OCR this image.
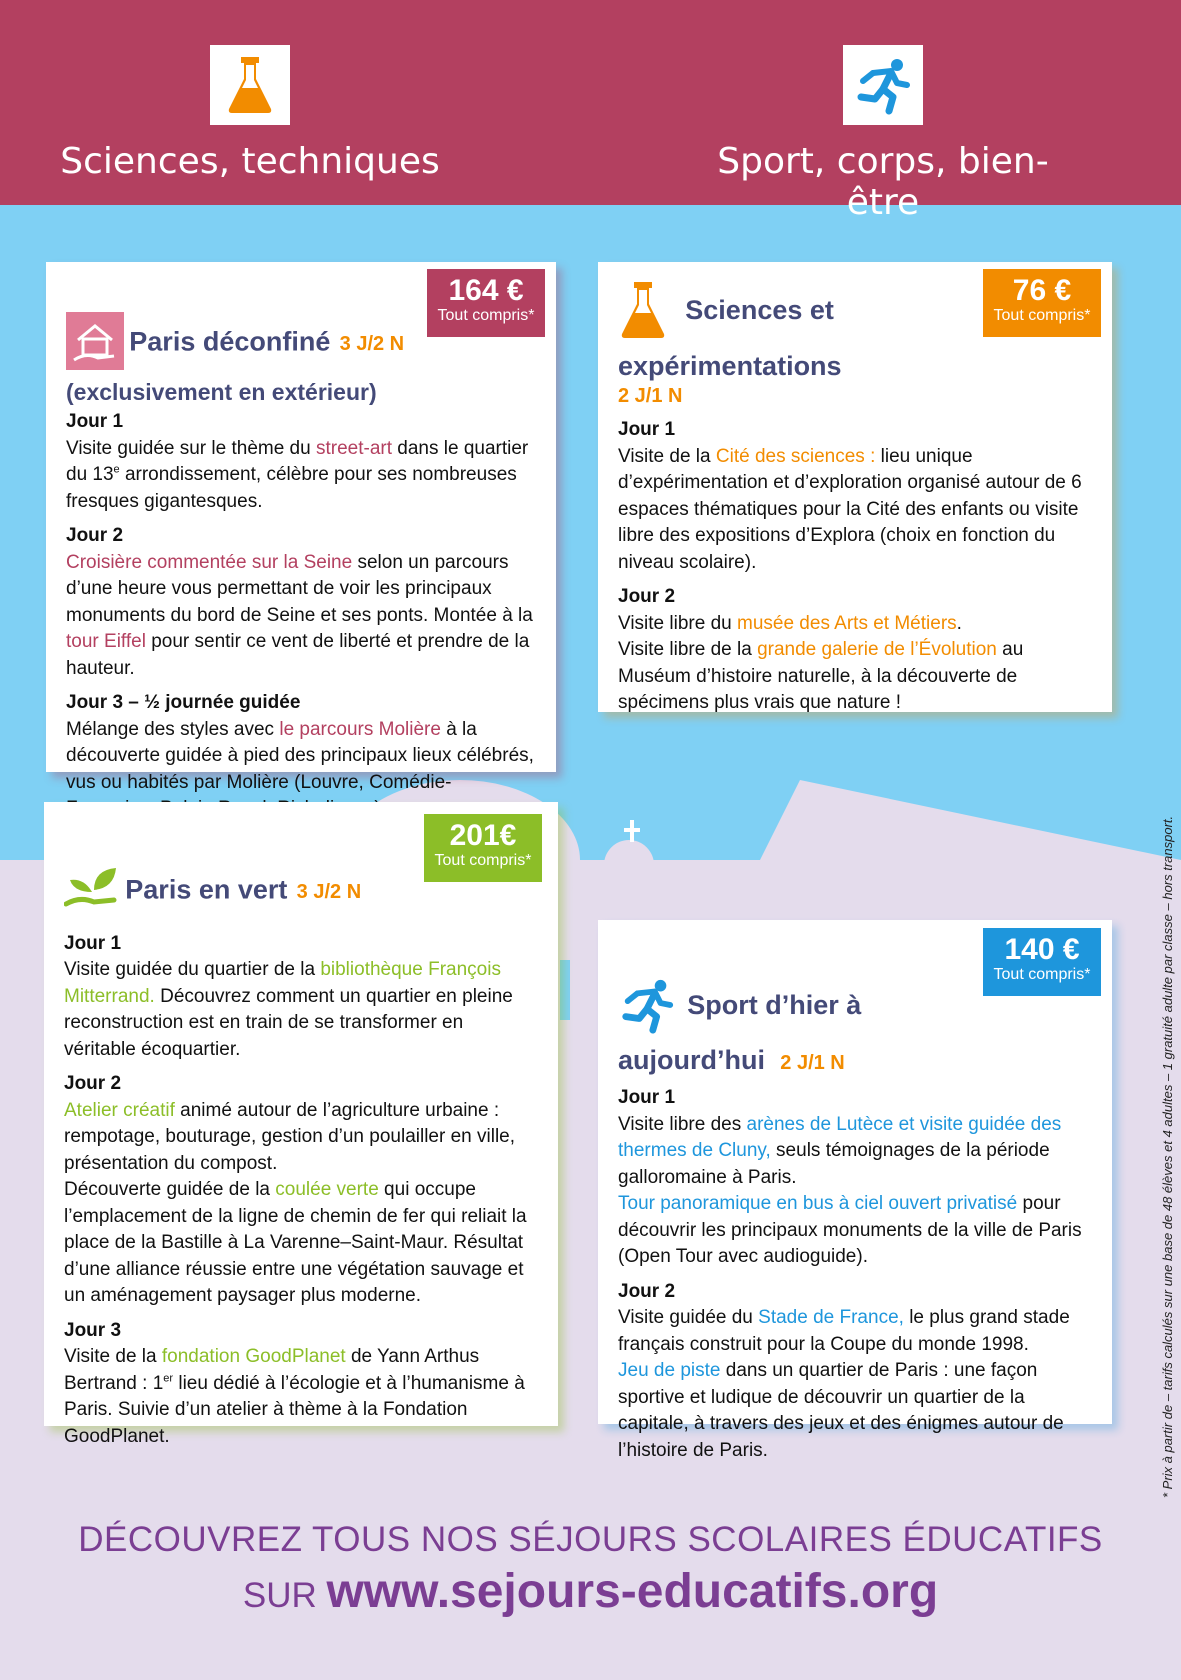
Sciences, techniques	Sport, corps, bien-être
164 €
Tout compris*
Paris déconfiné 3 J/2 N
(exclusivement en extérieur)
Jour 1
Visite guidée sur le thème du street-art dans le quartier du 13e arrondissement, célèbre pour ses nombreuses fresques gigantesques.
Jour 2
Croisière commentée sur la Seine selon un parcours d’une heure vous permettant de voir les principaux monuments du bord de Seine et ses ponts. Montée à la tour Eiffel pour sentir ce vent de liberté et prendre de la hauteur.
Jour 3 – ½ journée guidée
Mélange des styles avec le parcours Molière à la découverte guidée à pied des principaux lieux célébrés, vus ou habités par Molière (Louvre, Comédie-
76 €
Tout compris*
Sciences et
expérimentations
2 J/1 N
Jour 1
Visite de la Cité des sciences : lieu unique d’expérimentation et d’exploration organisé autour de 6 espaces thématiques pour la Cité des enfants ou visite libre des expositions d’Explora (choix en fonction du niveau scolaire).
Jour 2
Visite libre du musée des Arts et Métiers.
Visite libre de la grande galerie de l’Évolution au Muséum d’histoire naturelle, à la découverte de spécimens plus vrais que nature !
201€
Tout compris*
Paris en vert 3 J/2 N
Jour 1
Visite guidée du quartier de la bibliothèque François Mitterrand. Découvrez comment un quartier en pleine reconstruction est en train de se transformer en véritable écoquartier.
Jour 2
Atelier créatif animé autour de l’agriculture urbaine : rempotage, bouturage, gestion d’un poulailler en ville, présentation du compost.
Découverte guidée de la coulée verte qui occupe l’emplacement de la ligne de chemin de fer qui reliait la place de la Bastille à La Varenne–Saint-Maur. Résultat d’une alliance réussie entre une végétation sauvage et un aménagement paysager plus moderne.
Jour 3
Visite de la fondation GoodPlanet de Yann Arthus Bertrand : 1er lieu dédié à l’écologie et à l’humanisme à Paris. Suivie d’un atelier à thème à la Fondation GoodPlanet.
140 €
Tout compris*
Sport d’hier à
aujourd’hui 2 J/1 N
Jour 1
Visite libre des arènes de Lutèce et visite guidée des thermes de Cluny, seuls témoignages de la période galloromaine à Paris.
Tour panoramique en bus à ciel ouvert privatisé pour découvrir les principaux monuments de la ville de Paris (Open Tour avec audioguide).
Jour 2
Visite guidée du Stade de France, le plus grand stade français construit pour la Coupe du monde 1998.
Jeu de piste dans un quartier de Paris : une façon sportive et ludique de découvrir un quartier de la capitale, à travers des jeux et des énigmes autour de l’histoire de Paris.	* Prix à partir de – tarifs calculés sur une base de 48 élèves et 4 adultes – 1 gratuité adulte par classe – hors transport.
DÉCOUVREZ TOUS NOS SÉJOURS SCOLAIRES ÉDUCATIFS
SUR www.sejours-educatifs.org
